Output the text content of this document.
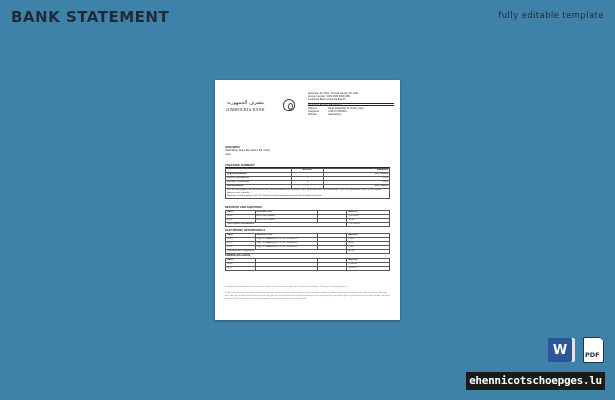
BANK STATEMENT	fully editable template
مصرف الجمهورية
JUMHOURIA BANK
December 22, 2021 - through January 02, 2022
Account number: 0000 0000 0000 0000
Jumhouria Bank Jumhouria Branch
Customer Service Information
Address:	Omar Al-Mukhtar St, Tripoli, Libya
Telephone:	+218 21 3334031
Website:	www.bank.ly
JOHN SMITH
Attia Kabeer Street Ben Ashour Rd, Tripoli,
Libya
CHECKING SUMMARY
	AMOUNT	BALANCE
Beginning Balance		LYD 1,000.00
Deposits and Additions	1	70.00
Electronic Withdrawals	2	76.00
Ending Balance	3	LYD 1,089.96
Your account balance will never exceed the amount permitted for overdraft in your agreement with Jumhouria Bank. If you have questions, call us at the number above or visit a branch.
Minimum checking balance of LYD 1,000.00 must be maintained to waive the monthly service fee.
DEPOSITS AND ADDITIONS
DATE	DESCRIPTION		AMOUNT
01/05	ATM Cash Deposit		LYD 50.00
01/07	ATM Cash Deposit		20.00
Total Deposits and Additions			LYD 100.00
ELECTRONIC WITHDRAWALS
DATE	DESCRIPTION		AMOUNT
01/19	Orig. CO NAME:ELEC CO ID: 3526546777		LYD 27
01/22	Orig. CO NAME:ELEC CO ID: 3526546777		49.22
01/22	Orig. CO NAME:ELEC CO ID: 3526546777		LYD 1
Total Electronic Withdrawals			68.39
ENDING BALANCE
DATE			AMOUNT
01/05			1,100.00
01/22			1,031.61

For more information about this statement, please contact Jumhouria Bank at the number listed above. Thank you for banking with us.

In the case of errors or questions about your electronic funds transfers, call or write us at the telephone number or address listed on this statement as soon as you can. We must hear from you no later than 60 days after we sent you the first statement on which the problem or error appeared. Be prepared to give us your name and account number, the dollar amount of the suspected error, and a description of the transaction you are unsure about.

W	PDF
ehennicotschoepges.lu
